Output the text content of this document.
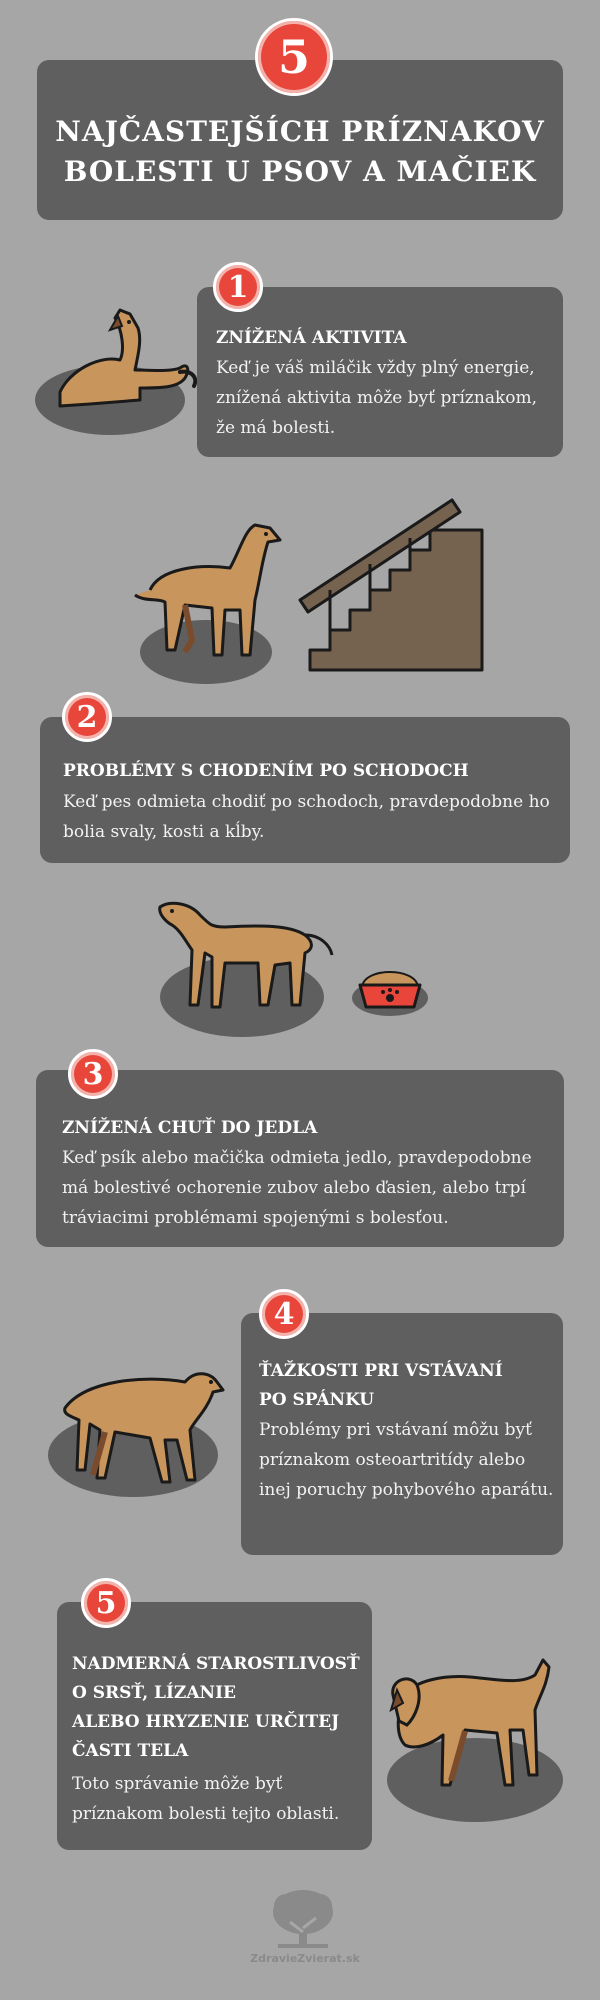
5
NAJČASTEJŠÍCH PRÍZNAKOV
BOLESTI U PSOV A MAČIEK
1
ZNÍŽENÁ AKTIVITA
Keď je váš miláčik vždy plný energie, znížená aktivita môže byť príznakom, že má bolesti.
2
PROBLÉMY S CHODENÍM PO SCHODOCH
Keď pes odmieta chodiť po schodoch, pravdepodobne ho bolia svaly, kosti a kĺby.
3
ZNÍŽENÁ CHUŤ DO JEDLA
Keď psík alebo mačička odmieta jedlo, pravdepodobne má bolestivé ochorenie zubov alebo ďasien, alebo trpí tráviacimi problémami spojenými s bolesťou.
4
ŤAŽKOSTI PRI VSTÁVANÍ
PO SPÁNKU
Problémy pri vstávaní môžu byť príznakom osteoartritídy alebo inej poruchy pohybového aparátu.
5
NADMERNÁ STAROSTLIVOSŤ
O SRSŤ, LÍZANIE
ALEBO HRYZENIE URČITEJ
ČASTI TELA
Toto správanie môže byť príznakom bolesti tejto oblasti.
ZdravieZvierat.sk
